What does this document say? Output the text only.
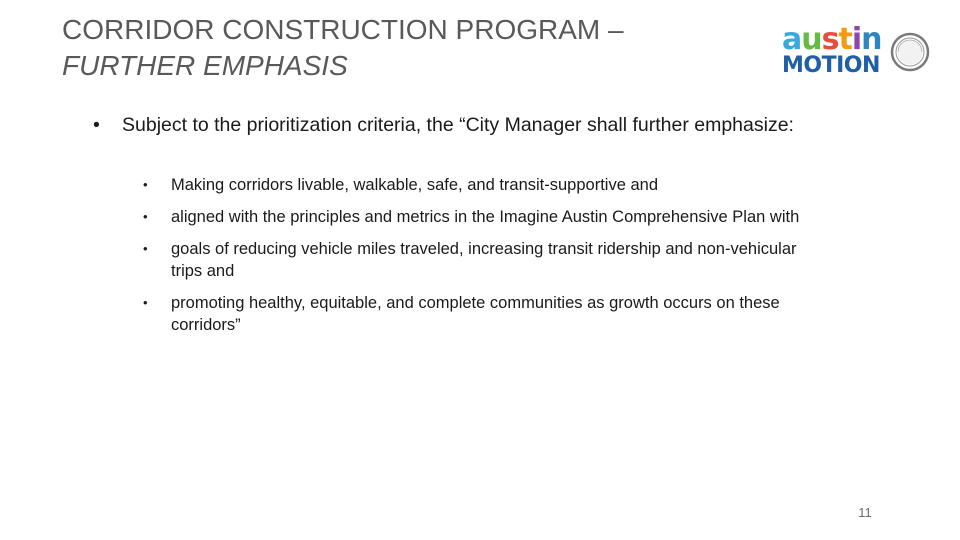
CORRIDOR CONSTRUCTION PROGRAM – FURTHER EMPHASIS
austin
MOTION
• Subject to the prioritization criteria, the “City Manager shall further emphasize:
• Making corridors livable, walkable, safe, and transit-supportive and
• aligned with the principles and metrics in the Imagine Austin Comprehensive Plan with
• goals of reducing vehicle miles traveled, increasing transit ridership and non-vehicular trips and
• promoting healthy, equitable, and complete communities as growth occurs on these corridors”
11
